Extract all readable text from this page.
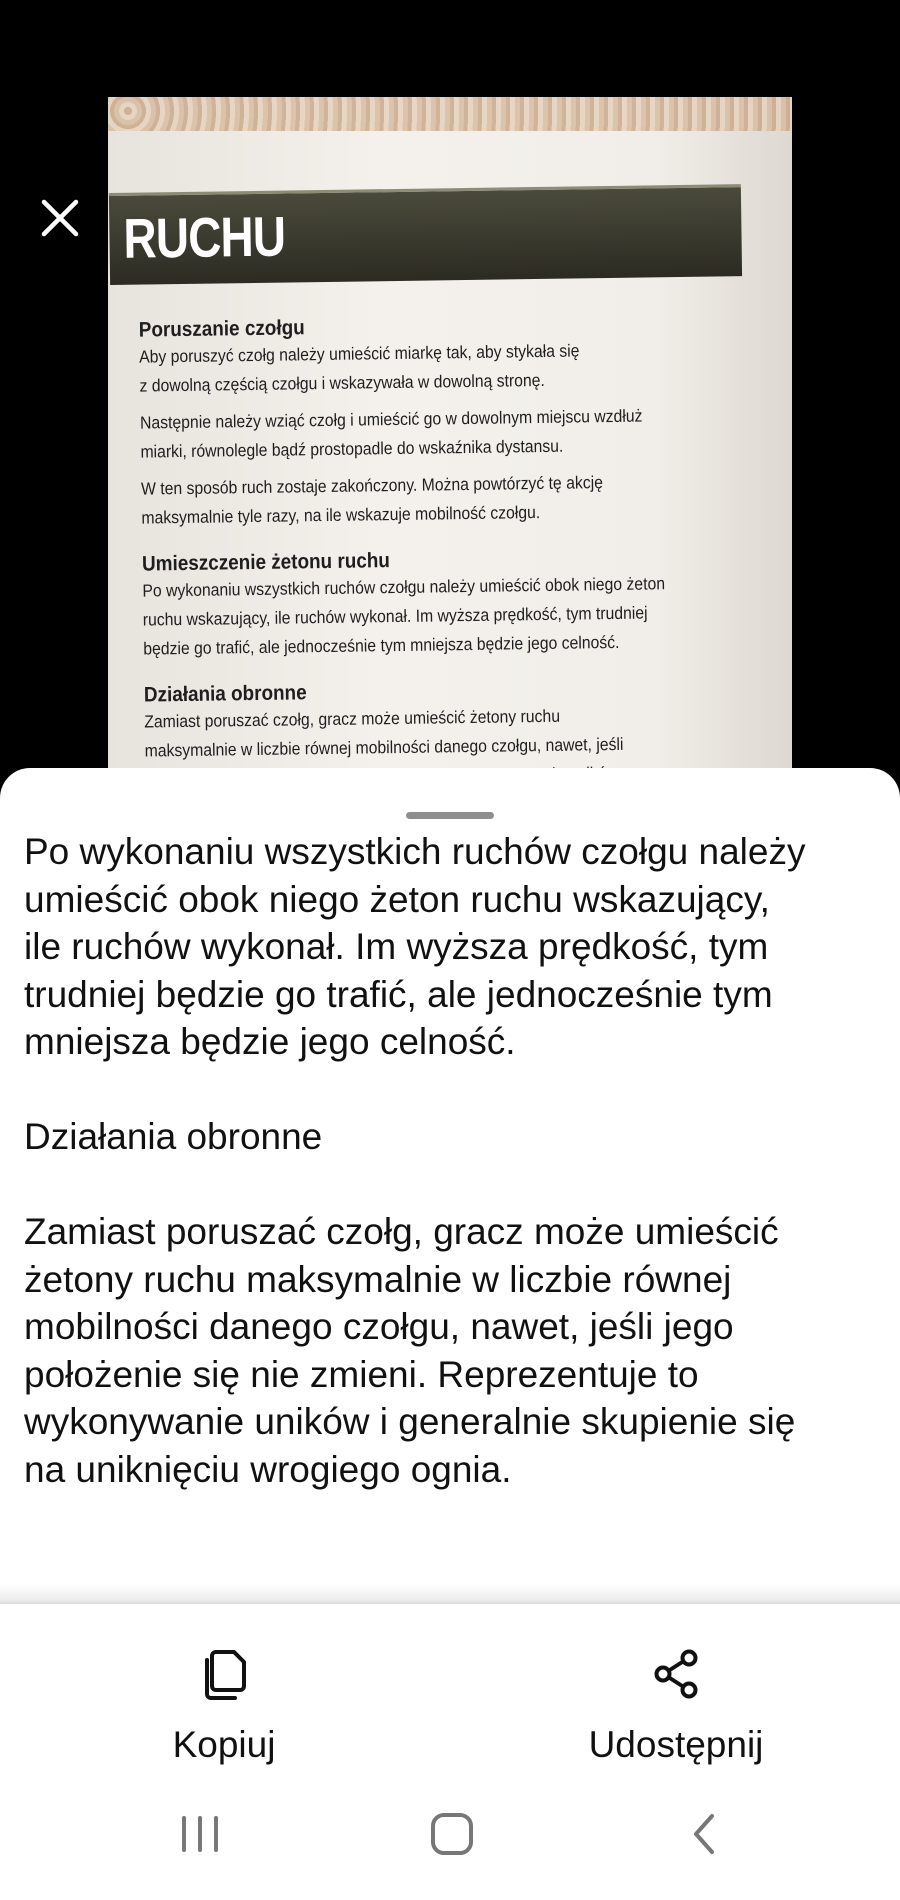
RUCHU
Poruszanie czołgu
Aby poruszyć czołg należy umieścić miarkę tak, aby stykała się
z dowolną częścią czołgu i wskazywała w dowolną stronę.
Następnie należy wziąć czołg i umieścić go w dowolnym miejscu wzdłuż
miarki, równolegle bądź prostopadle do wskaźnika dystansu.
W ten sposób ruch zostaje zakończony. Można powtórzyć tę akcję
maksymalnie tyle razy, na ile wskazuje mobilność czołgu.
Umieszczenie żetonu ruchu
Po wykonaniu wszystkich ruchów czołgu należy umieścić obok niego żeton
ruchu wskazujący, ile ruchów wykonał. Im wyższa prędkość, tym trudniej
będzie go trafić, ale jednocześnie tym mniejsza będzie jego celność.
Działania obronne
Zamiast poruszać czołg, gracz może umieścić żetony ruchu
maksymalnie w liczbie równej mobilności danego czołgu, nawet, jeśli

Po wykonaniu wszystkich ruchów czołgu należy
umieścić obok niego żeton ruchu wskazujący,
ile ruchów wykonał. Im wyższa prędkość, tym
trudniej będzie go trafić, ale jednocześnie tym
mniejsza będzie jego celność.

Działania obronne

Zamiast poruszać czołg, gracz może umieścić
żetony ruchu maksymalnie w liczbie równej
mobilności danego czołgu, nawet, jeśli jego
położenie się nie zmieni. Reprezentuje to
wykonywanie uników i generalnie skupienie się
na uniknięciu wrogiego ognia.

Kopiuj	Udostępnij
